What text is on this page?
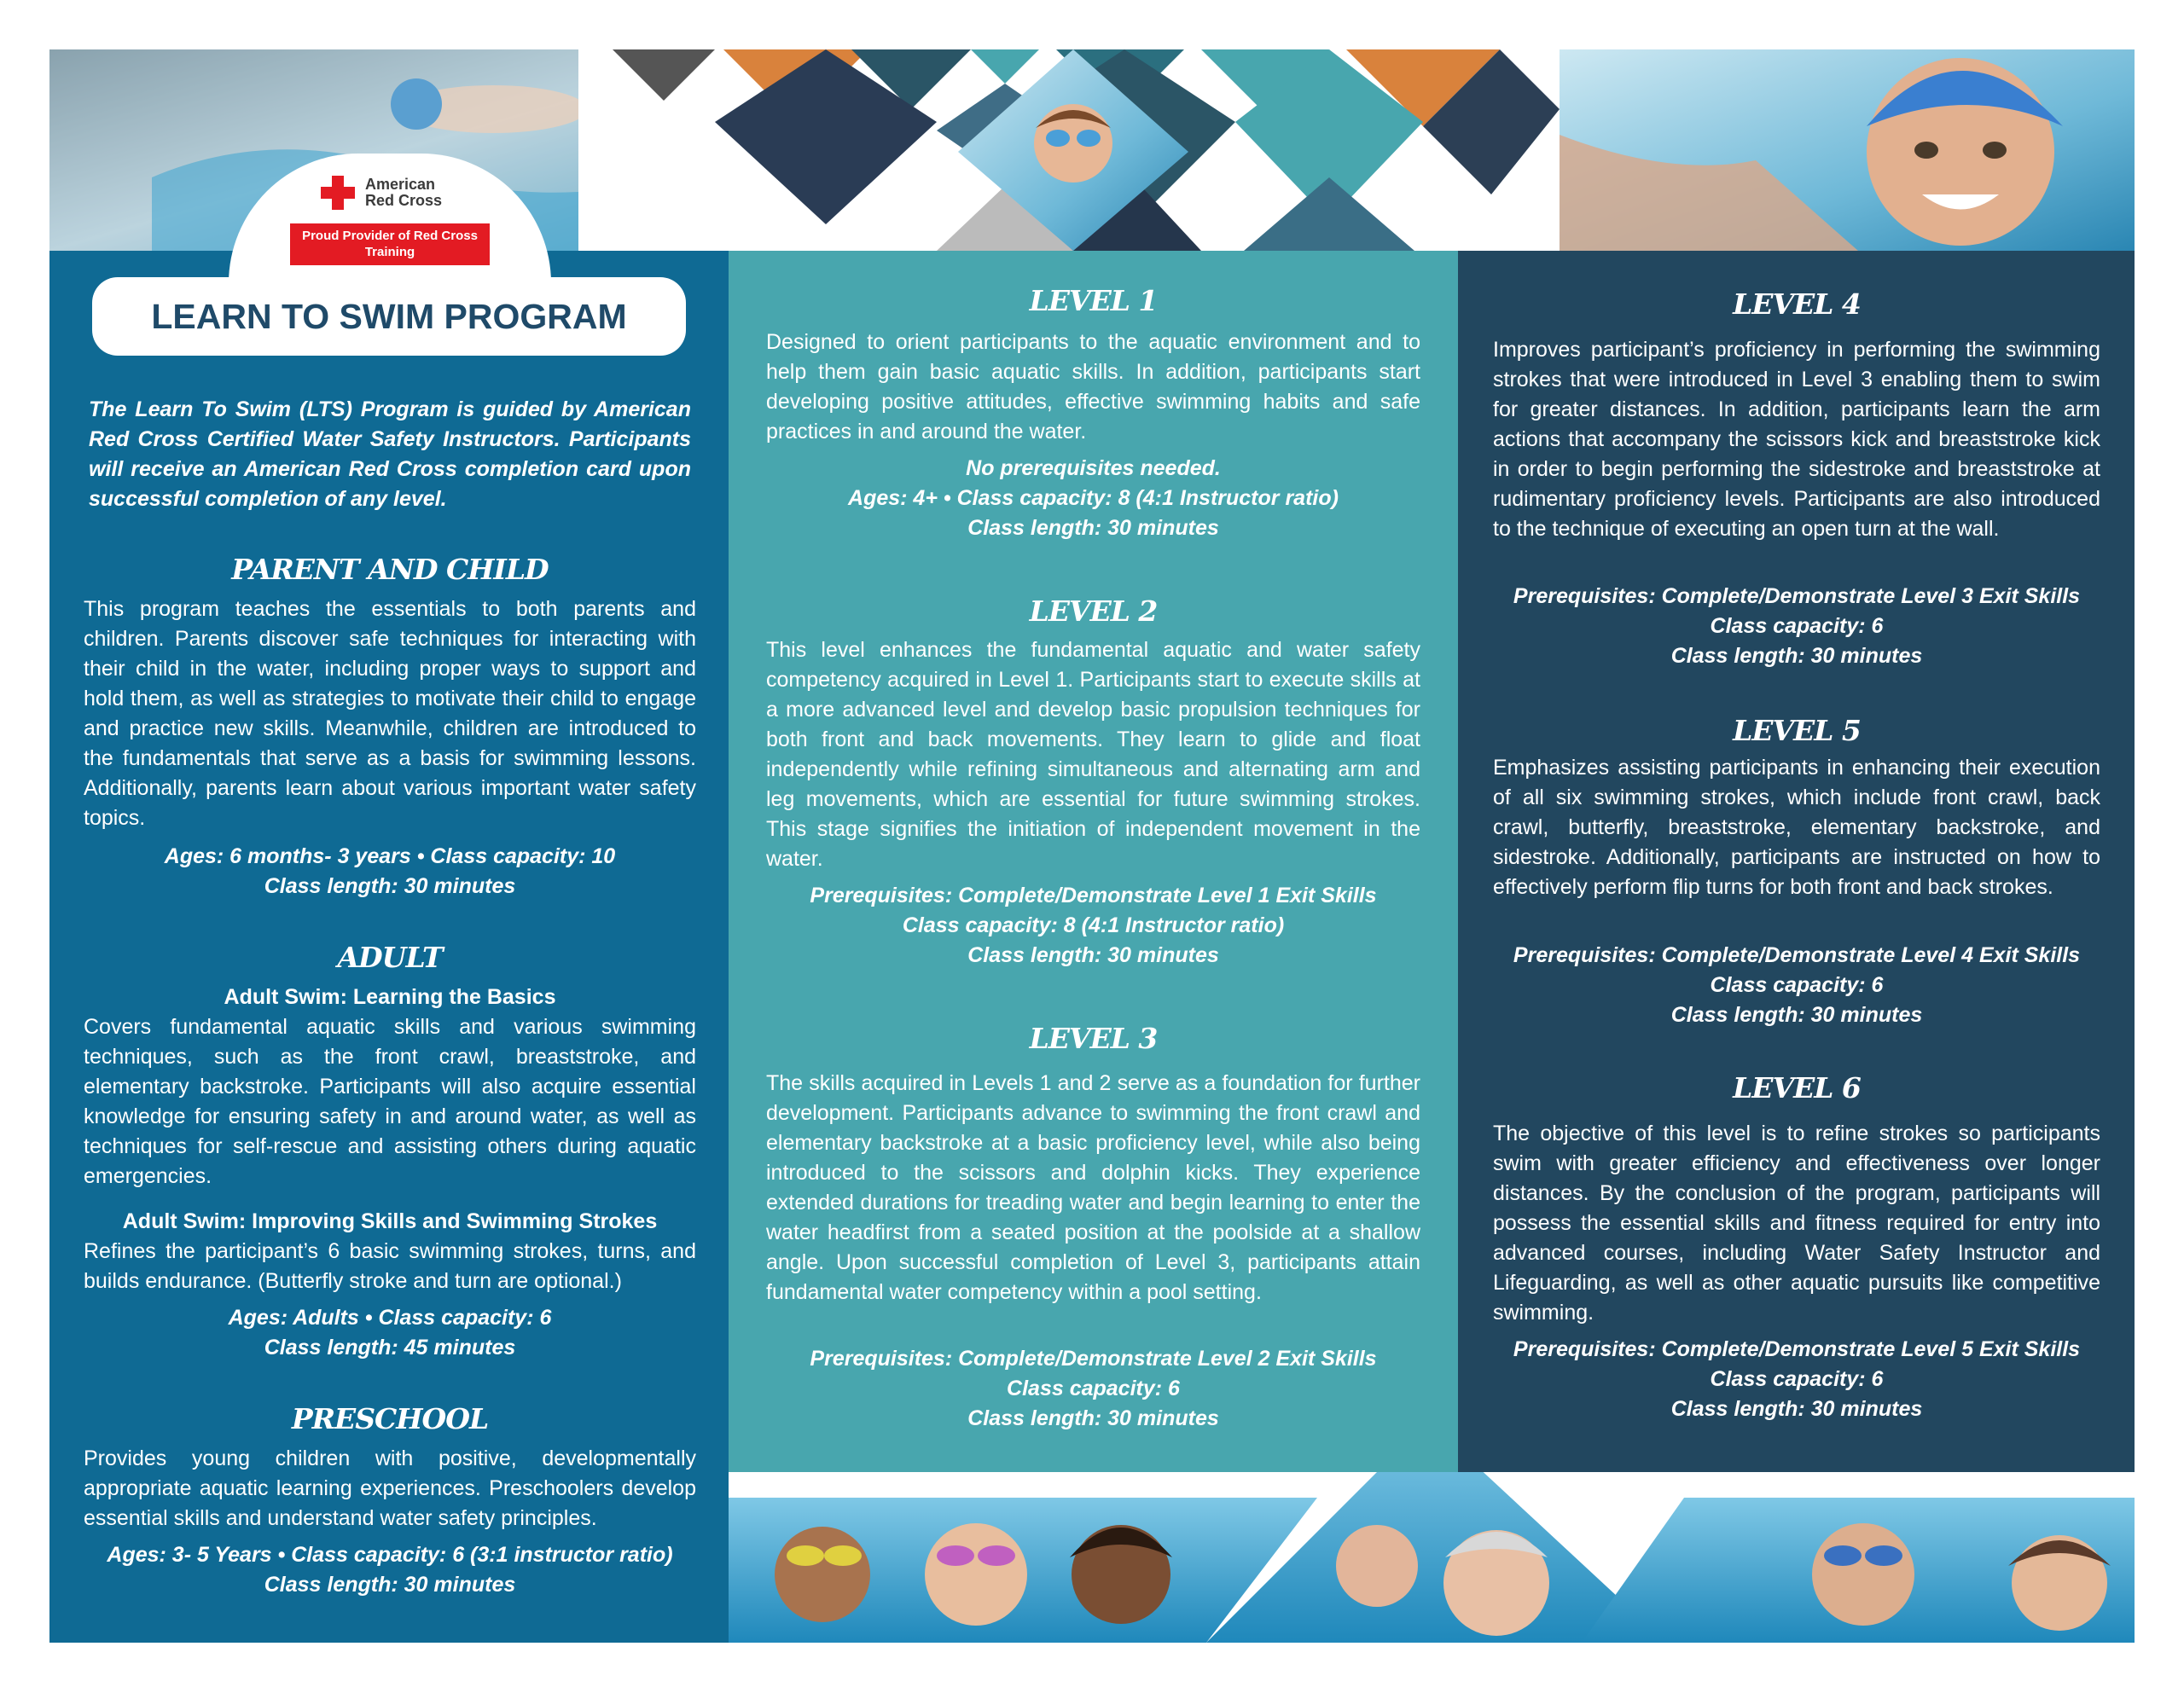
American Red Cross
Proud Provider of Red Cross Training
LEARN TO SWIM PROGRAM
The Learn To Swim (LTS) Program is guided by American Red Cross Certified Water Safety Instructors. Participants will receive an American Red Cross completion card upon successful completion of any level.
PARENT AND CHILD
This program teaches the essentials to both parents and children. Parents discover safe techniques for interacting with their child in the water, including proper ways to support and hold them, as well as strategies to motivate their child to engage and practice new skills. Meanwhile, children are introduced to the fundamentals that serve as a basis for swimming lessons. Additionally, parents learn about various important water safety topics.
Ages: 6 months- 3 years • Class capacity: 10
Class length: 30 minutes
ADULT
Adult Swim: Learning the Basics
Covers fundamental aquatic skills and various swimming techniques, such as the front crawl, breaststroke, and elementary backstroke. Participants will also acquire essential knowledge for ensuring safety in and around water, as well as techniques for self-rescue and assisting others during aquatic emergencies.
Adult Swim: Improving Skills and Swimming Strokes
Refines the participant’s 6 basic swimming strokes, turns, and builds endurance. (Butterfly stroke and turn are optional.)
Ages: Adults • Class capacity: 6
Class length: 45 minutes
PRESCHOOL
Provides young children with positive, developmentally appropriate aquatic learning experiences. Preschoolers develop essential skills and understand water safety principles.
Ages: 3- 5 Years • Class capacity: 6 (3:1 instructor ratio)
Class length: 30 minutes
LEVEL 1
Designed to orient participants to the aquatic environment and to help them gain basic aquatic skills. In addition, participants start developing positive attitudes, effective swimming habits and safe practices in and around the water.
No prerequisites needed.
Ages: 4+ • Class capacity: 8 (4:1 Instructor ratio)
Class length: 30 minutes
LEVEL 2
This level enhances the fundamental aquatic and water safety competency acquired in Level 1. Participants start to execute skills at a more advanced level and develop basic propulsion techniques for both front and back movements. They learn to glide and float independently while refining simultaneous and alternating arm and leg movements, which are essential for future swimming strokes. This stage signifies the initiation of independent movement in the water.
Prerequisites: Complete/Demonstrate Level 1 Exit Skills
Class capacity: 8 (4:1 Instructor ratio)
Class length: 30 minutes
LEVEL 3
The skills acquired in Levels 1 and 2 serve as a foundation for further development. Participants advance to swimming the front crawl and elementary backstroke at a basic proficiency level, while also being introduced to the scissors and dolphin kicks. They experience extended durations for treading water and begin learning to enter the water headfirst from a seated position at the poolside at a shallow angle. Upon successful completion of Level 3, participants attain fundamental water competency within a pool setting.
Prerequisites: Complete/Demonstrate Level 2 Exit Skills
Class capacity: 6
Class length: 30 minutes
LEVEL 4
Improves participant’s proficiency in performing the swimming strokes that were introduced in Level 3 enabling them to swim for greater distances. In addition, participants learn the arm actions that accompany the scissors kick and breaststroke kick in order to begin performing the sidestroke and breaststroke at rudimentary proficiency levels. Participants are also introduced to the technique of executing an open turn at the wall.
Prerequisites: Complete/Demonstrate Level 3 Exit Skills
Class capacity: 6
Class length: 30 minutes
LEVEL 5
Emphasizes assisting participants in enhancing their execution of all six swimming strokes, which include front crawl, back crawl, butterfly, breaststroke, elementary backstroke, and sidestroke. Additionally, participants are instructed on how to effectively perform flip turns for both front and back strokes.
Prerequisites: Complete/Demonstrate Level 4 Exit Skills
Class capacity: 6
Class length: 30 minutes
LEVEL 6
The objective of this level is to refine strokes so participants swim with greater efficiency and effectiveness over longer distances. By the conclusion of the program, participants will possess the essential skills and fitness required for entry into advanced courses, including Water Safety Instructor and Lifeguarding, as well as other aquatic pursuits like competitive swimming.
Prerequisites: Complete/Demonstrate Level 5 Exit Skills
Class capacity: 6
Class length: 30 minutes
